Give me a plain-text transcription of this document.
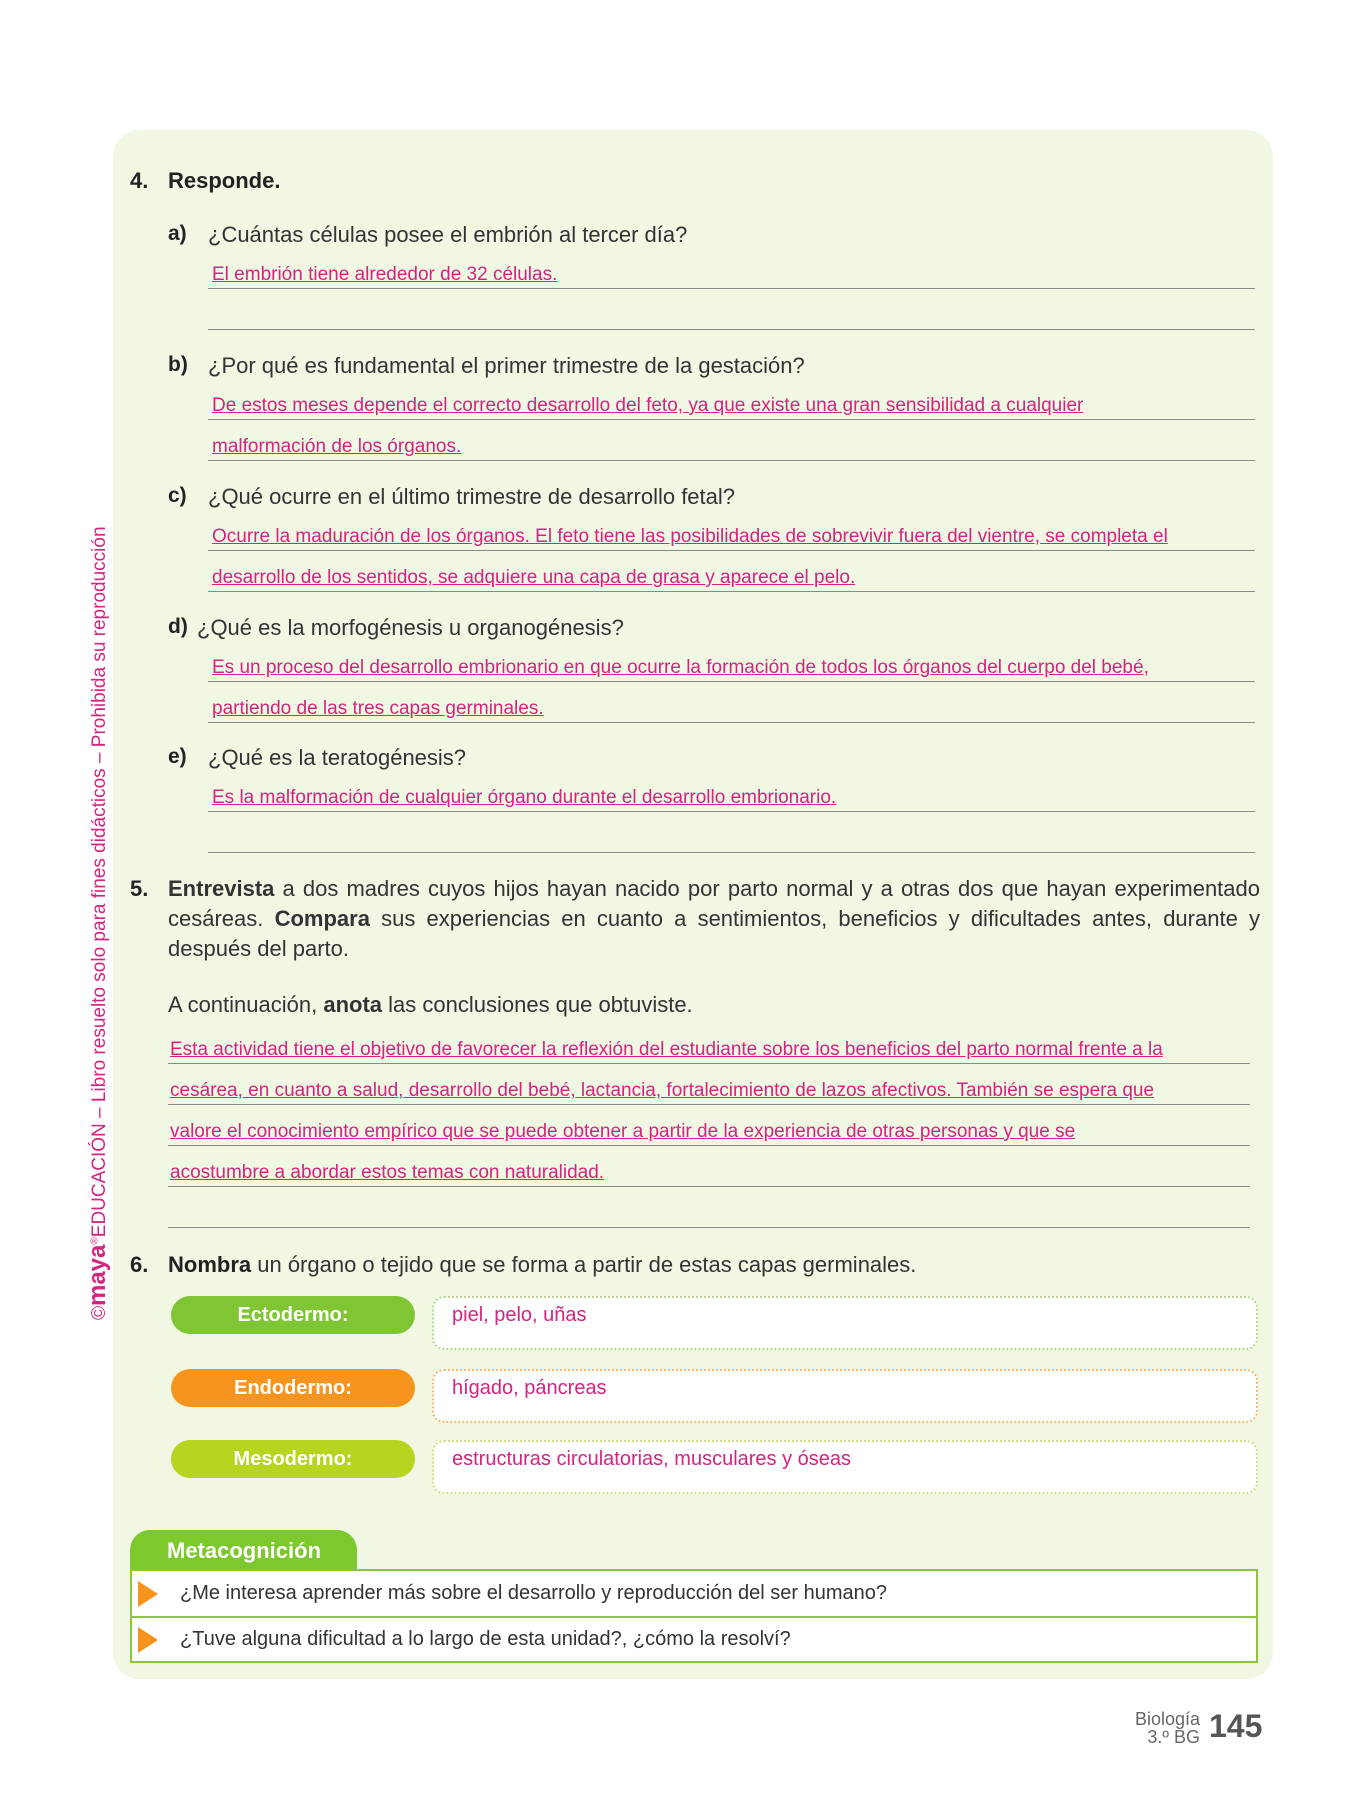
©maya®EDUCACIÓN – Libro resuelto solo para fines didácticos – Prohibida su reproducción
4. Responde.
a) ¿Cuántas células posee el embrión al tercer día?
El embrión tiene alrededor de 32 células.
b) ¿Por qué es fundamental el primer trimestre de la gestación?
De estos meses depende el correcto desarrollo del feto, ya que existe una gran sensibilidad a cualquier
malformación de los órganos.
c) ¿Qué ocurre en el último trimestre de desarrollo fetal?
Ocurre la maduración de los órganos. El feto tiene las posibilidades de sobrevivir fuera del vientre, se completa el
desarrollo de los sentidos, se adquiere una capa de grasa y aparece el pelo.
d) ¿Qué es la morfogénesis u organogénesis?
Es un proceso del desarrollo embrionario en que ocurre la formación de todos los órganos del cuerpo del bebé,
partiendo de las tres capas germinales.
e) ¿Qué es la teratogénesis?
Es la malformación de cualquier órgano durante el desarrollo embrionario.
5. Entrevista a dos madres cuyos hijos hayan nacido por parto normal y a otras dos que hayan experimentado cesáreas. Compara sus experiencias en cuanto a sentimientos, beneficios y dificultades antes, durante y después del parto.
A continuación, anota las conclusiones que obtuviste.
Esta actividad tiene el objetivo de favorecer la reflexión del estudiante sobre los beneficios del parto normal frente a la
cesárea, en cuanto a salud, desarrollo del bebé, lactancia, fortalecimiento de lazos afectivos. También se espera que
valore el conocimiento empírico que se puede obtener a partir de la experiencia de otras personas y que se
acostumbre a abordar estos temas con naturalidad.
6. Nombra un órgano o tejido que se forma a partir de estas capas germinales.
Ectodermo:	piel, pelo, uñas
Endodermo:	hígado, páncreas
Mesodermo:	estructuras circulatorias, musculares y óseas
Metacognición
¿Me interesa aprender más sobre el desarrollo y reproducción del ser humano?
¿Tuve alguna dificultad a lo largo de esta unidad?, ¿cómo la resolví?
Biología
3.º BG 145
